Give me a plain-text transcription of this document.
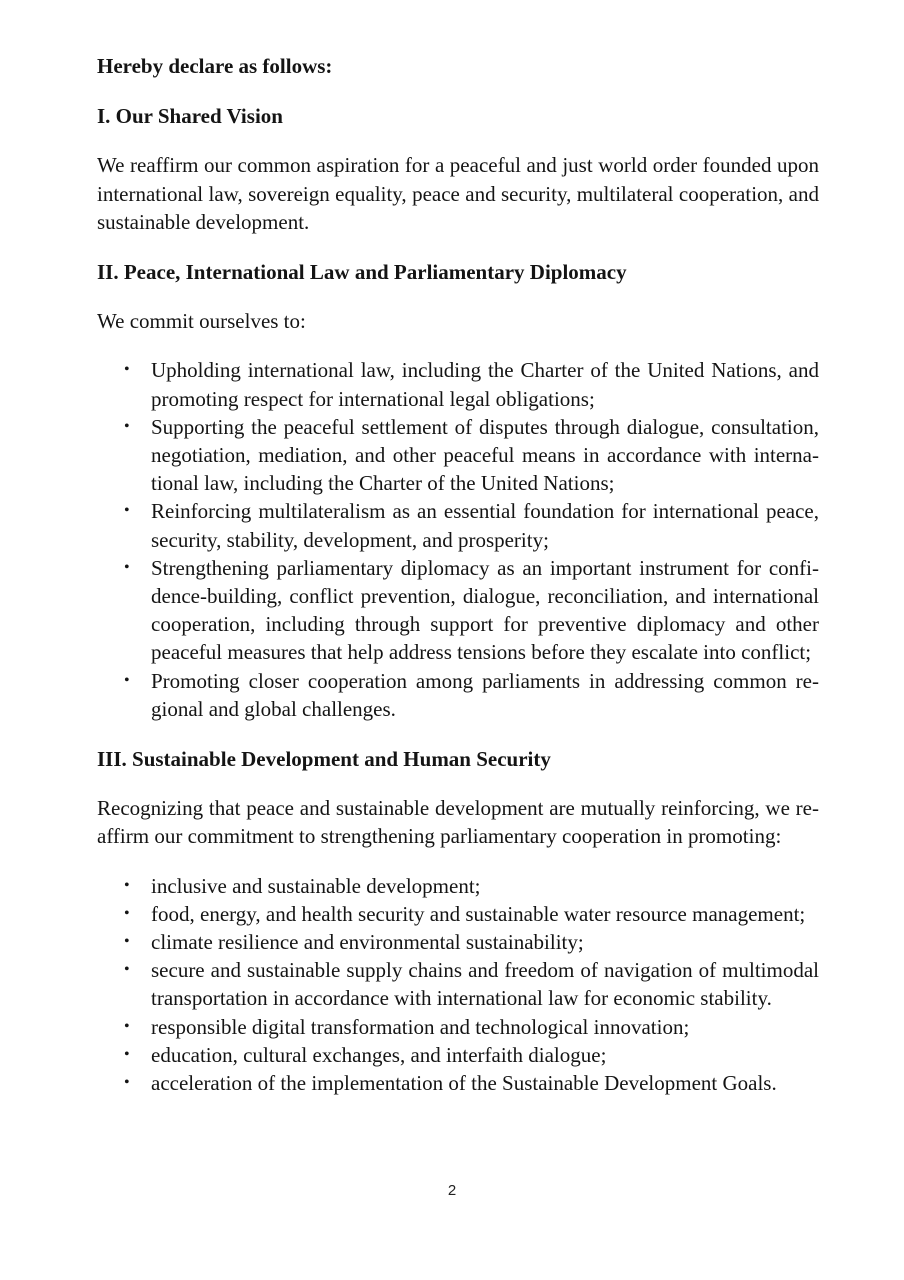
Hereby declare as follows:

I. Our Shared Vision

We reaffirm our common aspiration for a peaceful and just world order founded upon international law, sovereign equality, peace and security, multilateral cooperation, and sustainable development.

II. Peace, International Law and Parliamentary Diplomacy

We commit ourselves to:

• Upholding international law, including the Charter of the United Nations, and promoting respect for international legal obligations;
• Supporting the peaceful settlement of disputes through dialogue, consultation, negotiation, mediation, and other peaceful means in accordance with international law, including the Charter of the United Nations;
• Reinforcing multilateralism as an essential foundation for international peace, security, stability, development, and prosperity;
• Strengthening parliamentary diplomacy as an important instrument for confidence-building, conflict prevention, dialogue, reconciliation, and international cooperation, including through support for preventive diplomacy and other peaceful measures that help address tensions before they escalate into conflict;
• Promoting closer cooperation among parliaments in addressing common regional and global challenges.

III. Sustainable Development and Human Security

Recognizing that peace and sustainable development are mutually reinforcing, we reaffirm our commitment to strengthening parliamentary cooperation in promoting:

• inclusive and sustainable development;
• food, energy, and health security and sustainable water resource management;
• climate resilience and environmental sustainability;
• secure and sustainable supply chains and freedom of navigation of multimodal transportation in accordance with international law for economic stability.
• responsible digital transformation and technological innovation;
• education, cultural exchanges, and interfaith dialogue;
• acceleration of the implementation of the Sustainable Development Goals.
2
